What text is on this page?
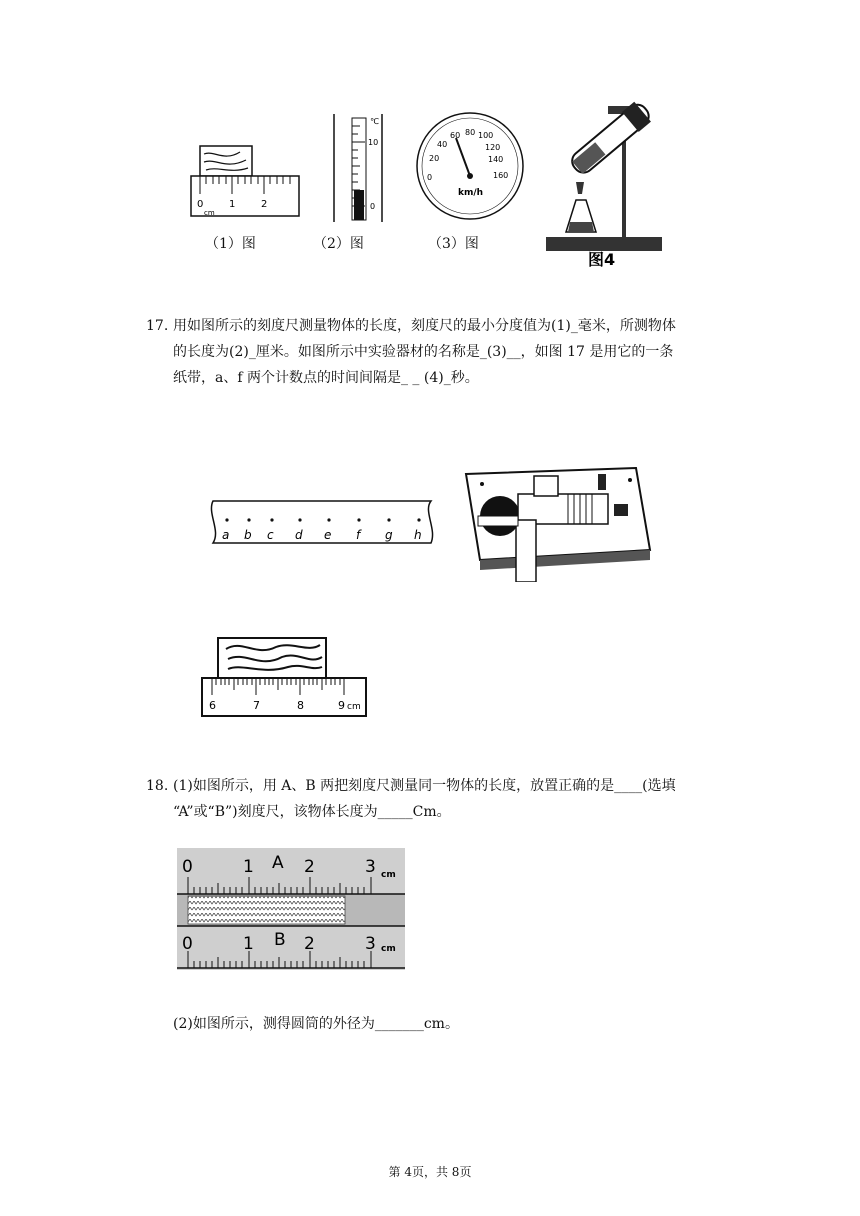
0	1	2
cm
℃
10
0
0
20
40
60 80 100
120
140
160
km/h
图4
（1）图	（2）图	（3）图
17. 用如图所示的刻度尺测量物体的长度，刻度尺的最小分度值为(1)_毫米，所测物体
的长度为(2)_厘米。如图所示中实验器材的名称是_(3)__，如图 17 是用它的一条
纸带，a、f 两个计数点的时间间隔是_ _ (4)_秒。
a b c d e f g h
6	7	8	9 cm
18. (1)如图所示，用 A、B 两把刻度尺测量同一物体的长度，放置正确的是____(选填
“A”或“B”)刻度尺，该物体长度为_____Cm。
0	1 A 2	3 cm
0	1 B 2	3 cm
(2)如图所示，测得圆筒的外径为_______cm。
第 4页，共 8页
